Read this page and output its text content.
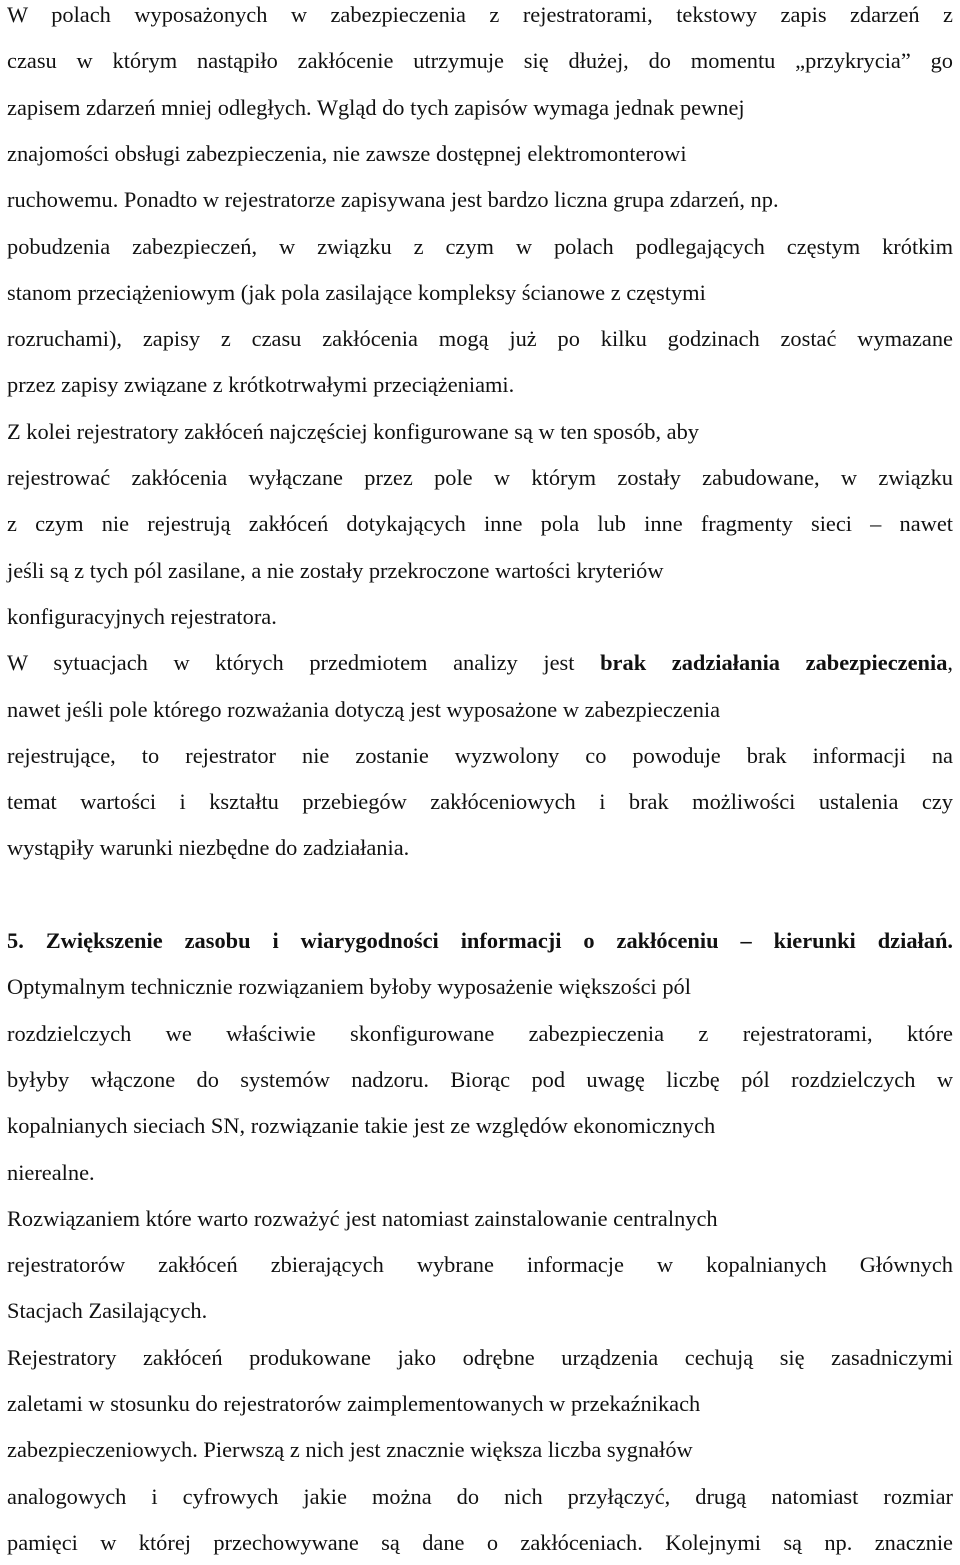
W polach wyposażonych w zabezpieczenia z rejestratorami, tekstowy zapis zdarzeń z
czasu w którym nastąpiło zakłócenie utrzymuje się dłużej, do momentu „przykrycia” go
zapisem zdarzeń mniej odległych. Wgląd do tych zapisów wymaga jednak pewnej
znajomości obsługi zabezpieczenia, nie zawsze dostępnej elektromonterowi
ruchowemu. Ponadto w rejestratorze zapisywana jest bardzo liczna grupa zdarzeń, np.
pobudzenia zabezpieczeń, w związku z czym w polach podlegających częstym krótkim
stanom przeciążeniowym (jak pola zasilające kompleksy ścianowe z częstymi
rozruchami), zapisy z czasu zakłócenia mogą już po kilku godzinach zostać wymazane
przez zapisy związane z krótkotrwałymi przeciążeniami.
Z kolei rejestratory zakłóceń najczęściej konfigurowane są w ten sposób, aby
rejestrować zakłócenia wyłączane przez pole w którym zostały zabudowane, w związku
z czym nie rejestrują zakłóceń dotykających inne pola lub inne fragmenty sieci – nawet
jeśli są z tych pól zasilane, a nie zostały przekroczone wartości kryteriów
konfiguracyjnych rejestratora.
W sytuacjach w których przedmiotem analizy jest brak zadziałania zabezpieczenia,
nawet jeśli pole którego rozważania dotyczą jest wyposażone w zabezpieczenia
rejestrujące, to rejestrator nie zostanie wyzwolony co powoduje brak informacji na
temat wartości i kształtu przebiegów zakłóceniowych i brak możliwości ustalenia czy
wystąpiły warunki niezbędne do zadziałania.
5. Zwiększenie zasobu i wiarygodności informacji o zakłóceniu – kierunki działań.
Optymalnym technicznie rozwiązaniem byłoby wyposażenie większości pól
rozdzielczych we właściwie skonfigurowane zabezpieczenia z rejestratorami, które
byłyby włączone do systemów nadzoru. Biorąc pod uwagę liczbę pól rozdzielczych w
kopalnianych sieciach SN, rozwiązanie takie jest ze względów ekonomicznych
nierealne.
Rozwiązaniem które warto rozważyć jest natomiast zainstalowanie centralnych
rejestratorów zakłóceń zbierających wybrane informacje w kopalnianych Głównych
Stacjach Zasilających.
Rejestratory zakłóceń produkowane jako odrębne urządzenia cechują się zasadniczymi
zaletami w stosunku do rejestratorów zaimplementowanych w przekaźnikach
zabezpieczeniowych. Pierwszą z nich jest znacznie większa liczba sygnałów
analogowych i cyfrowych jakie można do nich przyłączyć, drugą natomiast rozmiar
pamięci w której przechowywane są dane o zakłóceniach. Kolejnymi są np. znacznie
